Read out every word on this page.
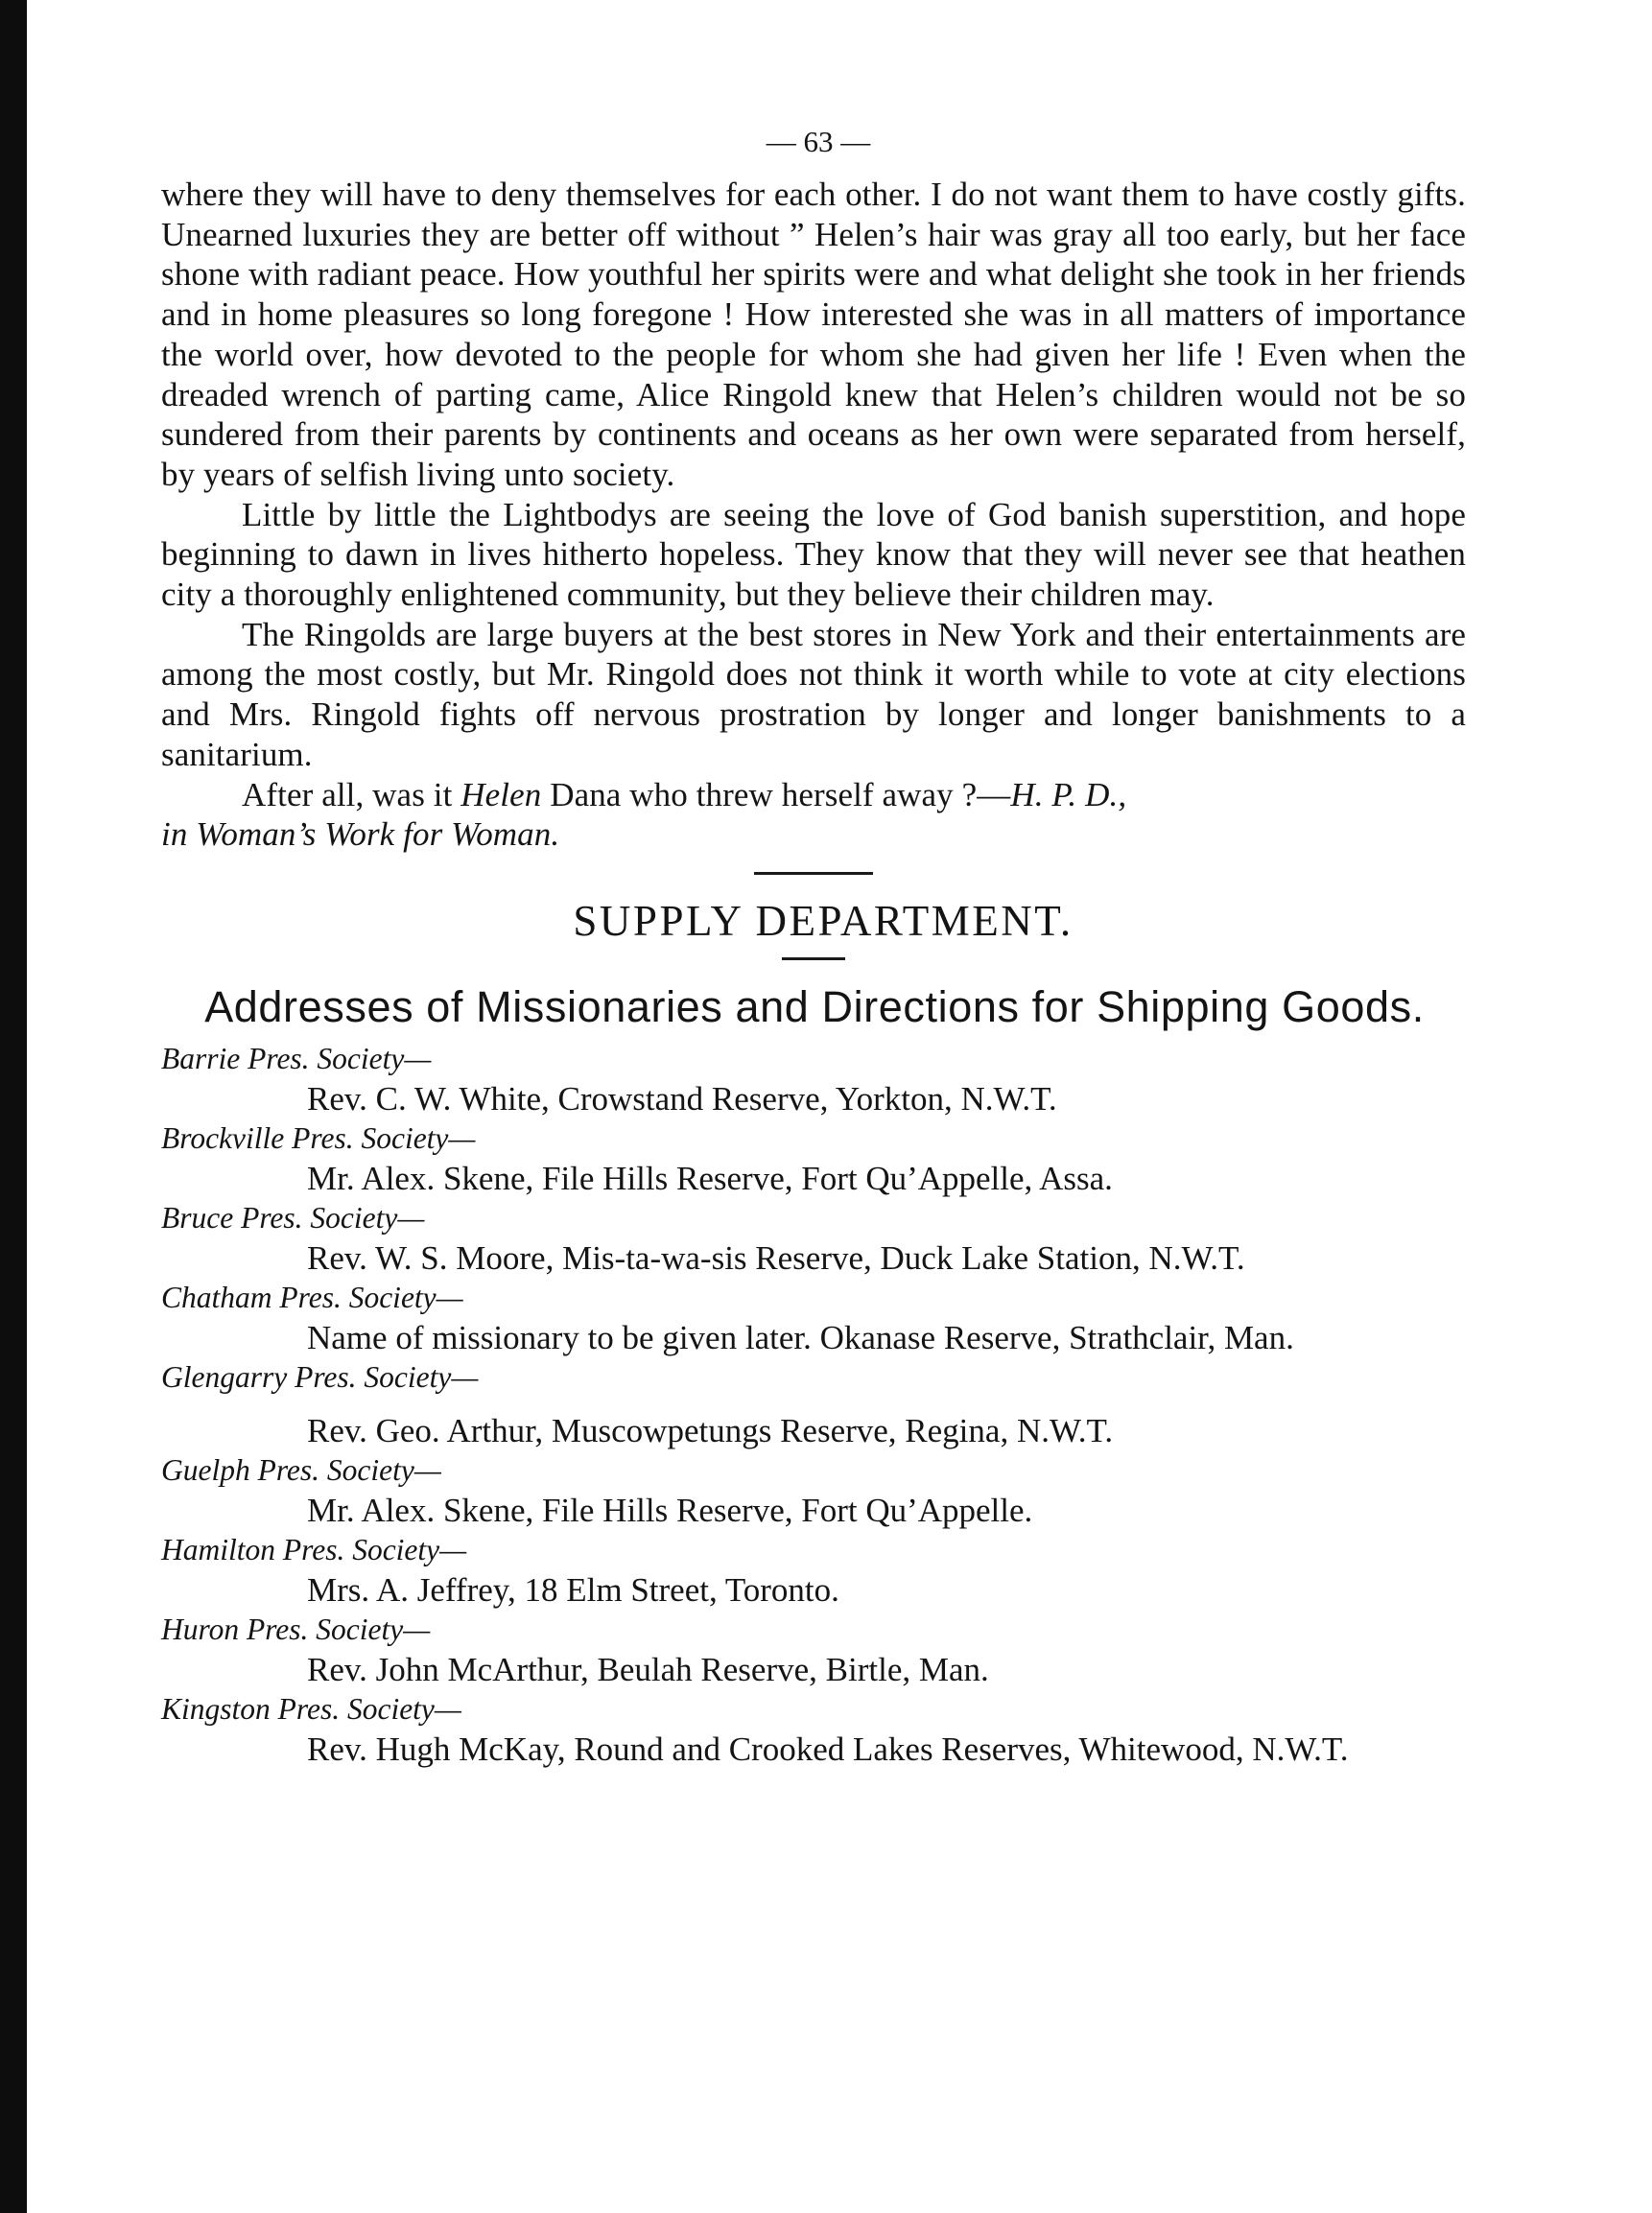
— 63 —

where they will have to deny themselves for each other. I do not want them to have costly gifts. Unearned luxuries they are better off without ” Helen’s hair was gray all too early, but her face shone with radiant peace. How youthful her spirits were and what delight she took in her friends and in home pleasures so long foregone ! How interested she was in all matters of importance the world over, how devoted to the people for whom she had given her life ! Even when the dreaded wrench of parting came, Alice Ringold knew that Helen’s children would not be so sundered from their parents by continents and oceans as her own were separated from herself, by years of selfish living unto society.

Little by little the Lightbodys are seeing the love of God banish superstition, and hope beginning to dawn in lives hitherto hopeless. They know that they will never see that heathen city a thoroughly enlightened community, but they believe their children may.

The Ringolds are large buyers at the best stores in New York and their entertainments are among the most costly, but Mr. Ringold does not think it worth while to vote at city elections and Mrs. Ringold fights off nervous prostration by longer and longer banishments to a sanitarium.

After all, was it Helen Dana who threw herself away ?—H. P. D.,

in Woman’s Work for Woman.

SUPPLY DEPARTMENT.
Addresses of Missionaries and Directions for Shipping Goods.
Barrie Pres. Society—
Rev. C. W. White, Crowstand Reserve, Yorkton, N.W.T.
Brockville Pres. Society—
Mr. Alex. Skene, File Hills Reserve, Fort Qu’Appelle, Assa.
Bruce Pres. Society—
Rev. W. S. Moore, Mis-ta-wa-sis Reserve, Duck Lake Station, N.W.T.
Chatham Pres. Society—
Name of missionary to be given later. Okanase Reserve, Strathclair, Man.
Glengarry Pres. Society—
Rev. Geo. Arthur, Muscowpetungs Reserve, Regina, N.W.T.
Guelph Pres. Society—
Mr. Alex. Skene, File Hills Reserve, Fort Qu’Appelle.
Hamilton Pres. Society—
Mrs. A. Jeffrey, 18 Elm Street, Toronto.
Huron Pres. Society—
Rev. John McArthur, Beulah Reserve, Birtle, Man.
Kingston Pres. Society—
Rev. Hugh McKay, Round and Crooked Lakes Reserves, Whitewood, N.W.T.
